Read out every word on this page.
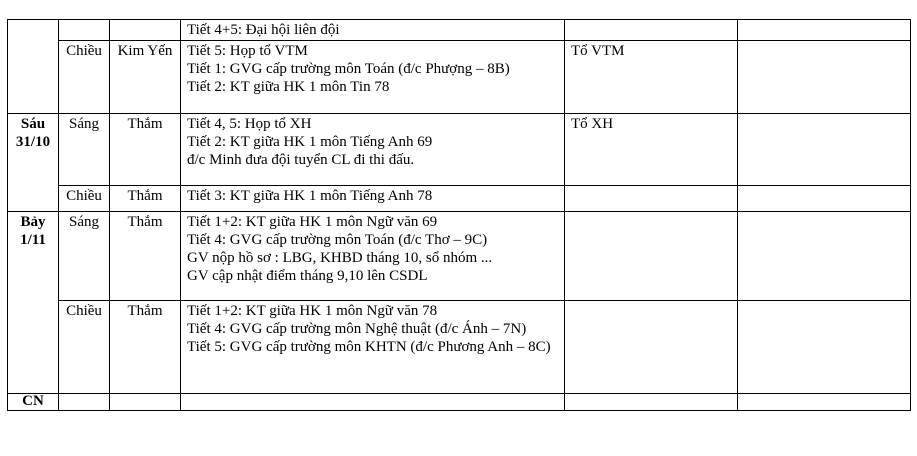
			Tiết 4+5: Đại hội liên đội		

	Chiều	Kim Yến	Tiết 5: Họp tổ VTM
Tiết 1: GVG cấp trường môn Toán (đ/c Phượng – 8B)
Tiết 2: KT giữa HK 1 môn Tin 78	Tổ VTM	

Sáu
31/10	Sáng	Thắm	Tiết 4, 5: Họp tổ XH
Tiết 2: KT giữa HK 1 môn Tiếng Anh 69
đ/c Minh đưa đội tuyển CL đi thi đấu.	Tổ XH	
	Chiều	Thắm	Tiết 3: KT giữa HK 1 môn Tiếng Anh 78		

Bảy
1/11	Sáng	Thắm	Tiết 1+2: KT giữa HK 1 môn Ngữ văn 69
Tiết 4: GVG cấp trường môn Toán (đ/c Thơ – 9C)
GV nộp hồ sơ : LBG, KHBD tháng 10, sổ nhóm ...
GV cập nhật điểm tháng 9,10 lên CSDL		

	Chiều	Thắm	Tiết 1+2: KT giữa HK 1 môn Ngữ văn 78
Tiết 4: GVG cấp trường môn Nghệ thuật (đ/c Ánh – 7N)
Tiết 5: GVG cấp trường môn KHTN (đ/c Phương Anh – 8C)		

CN					
